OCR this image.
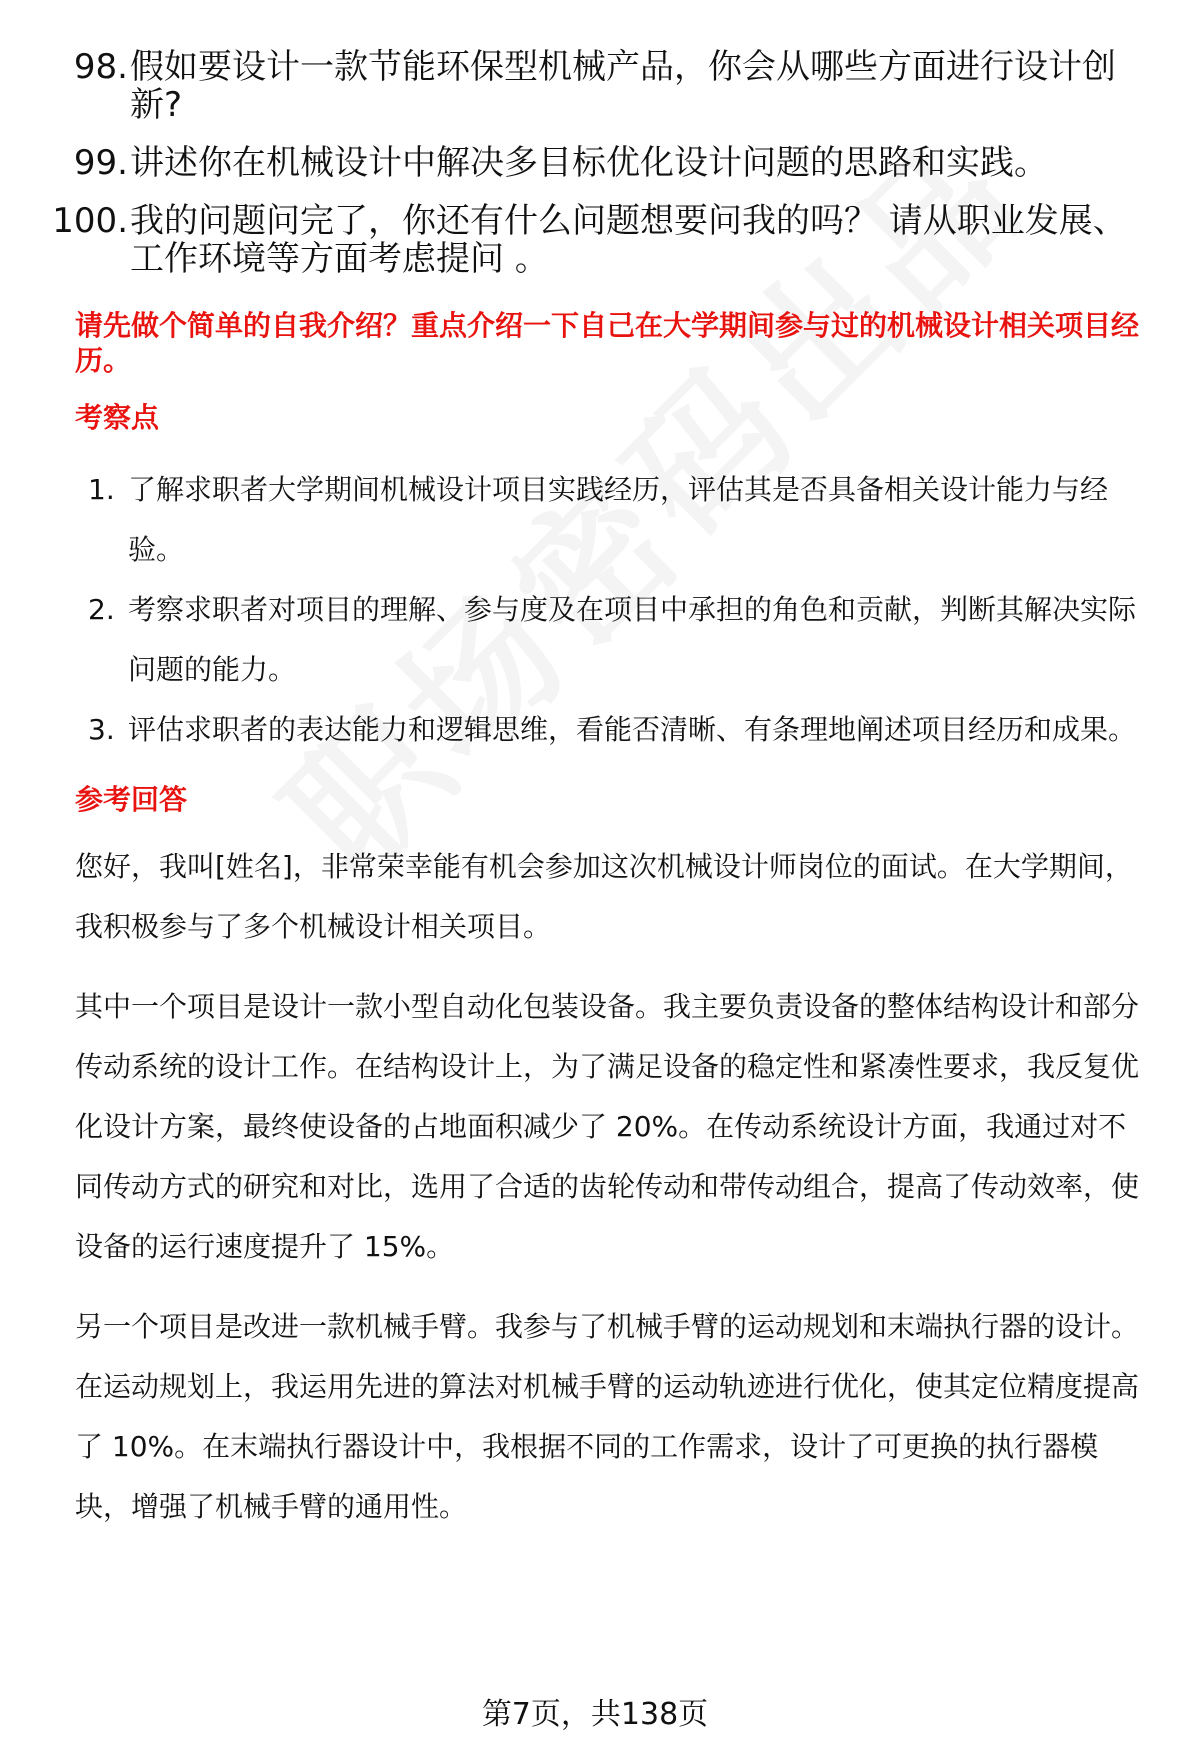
98. 假如要设计一款节能环保型机械产品，你会从哪些方面进行设计创新?
99. 讲述你在机械设计中解决多目标优化设计问题的思路和实践。
100. 我的问题问完了，你还有什么问题想要问我的吗？ 请从职业发展、工作环境等方面考虑提问 。
请先做个简单的自我介绍？重点介绍一下自己在大学期间参与过的机械设计相关项目经历。
考察点
1. 了解求职者大学期间机械设计项目实践经历，评估其是否具备相关设计能力与经验。
2. 考察求职者对项目的理解、参与度及在项目中承担的角色和贡献，判断其解决实际问题的能力。
3. 评估求职者的表达能力和逻辑思维，看能否清晰、有条理地阐述项目经历和成果。
参考回答

您好，我叫[姓名]，非常荣幸能有机会参加这次机械设计师岗位的面试。在大学期间，我积极参与了多个机械设计相关项目。

其中一个项目是设计一款小型自动化包装设备。我主要负责设备的整体结构设计和部分传动系统的设计工作。在结构设计上，为了满足设备的稳定性和紧凑性要求，我反复优化设计方案，最终使设备的占地面积减少了 20%。在传动系统设计方面，我通过对不同传动方式的研究和对比，选用了合适的齿轮传动和带传动组合，提高了传动效率，使设备的运行速度提升了 15%。

另一个项目是改进一款机械手臂。我参与了机械手臂的运动规划和末端执行器的设计。在运动规划上，我运用先进的算法对机械手臂的运动轨迹进行优化，使其定位精度提高了 10%。在末端执行器设计中，我根据不同的工作需求，设计了可更换的执行器模块，增强了机械手臂的通用性。

第7页，共138页
